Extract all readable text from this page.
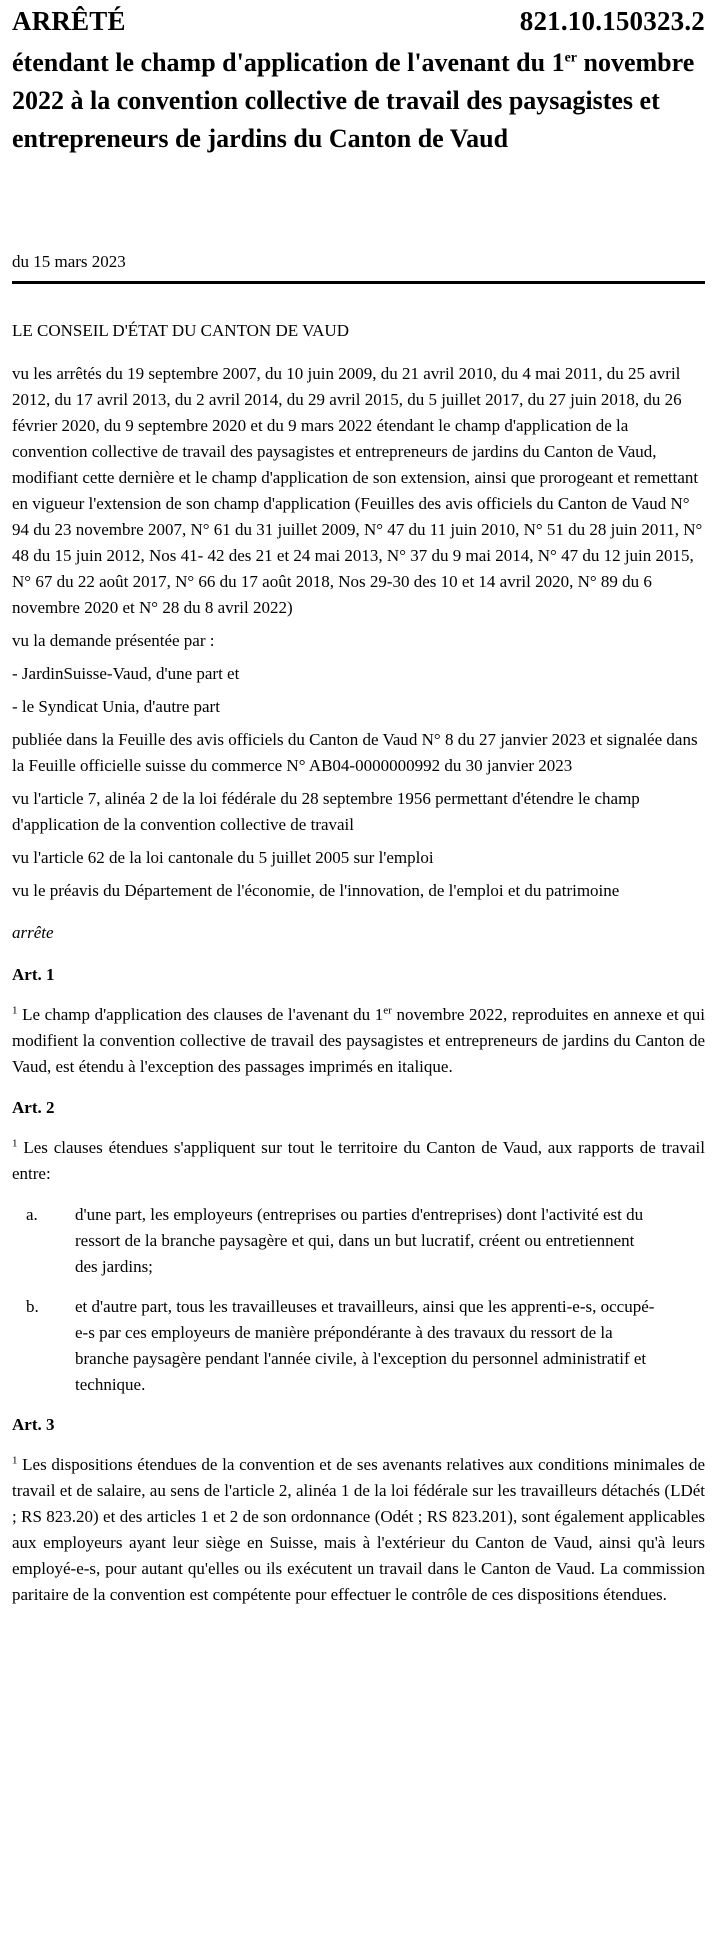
ARRÊTÉ	821.10.150323.2
étendant le champ d'application de l'avenant du 1er novembre 2022 à la convention collective de travail des paysagistes et entrepreneurs de jardins du Canton de Vaud
du 15 mars 2023
LE CONSEIL D'ÉTAT DU CANTON DE VAUD
vu les arrêtés du 19 septembre 2007, du 10 juin 2009, du 21 avril 2010, du 4 mai 2011, du 25 avril 2012, du 17 avril 2013, du 2 avril 2014, du 29 avril 2015, du 5 juillet 2017, du 27 juin 2018, du 26 février 2020, du 9 septembre 2020 et du 9 mars 2022 étendant le champ d'application de la convention collective de travail des paysagistes et entrepreneurs de jardins du Canton de Vaud, modifiant cette dernière et le champ d'application de son extension, ainsi que prorogeant et remettant en vigueur l'extension de son champ d'application (Feuilles des avis officiels du Canton de Vaud N° 94 du 23 novembre 2007, N° 61 du 31 juillet 2009, N° 47 du 11 juin 2010, N° 51 du 28 juin 2011, N° 48 du 15 juin 2012, Nos 41- 42 des 21 et 24 mai 2013, N° 37 du 9 mai 2014, N° 47 du 12 juin 2015, N° 67 du 22 août 2017, N° 66 du 17 août 2018, Nos 29-30 des 10 et 14 avril 2020, N° 89 du 6 novembre 2020 et N° 28 du 8 avril 2022)
vu la demande présentée par :
- JardinSuisse-Vaud, d'une part et
- le Syndicat Unia, d'autre part
publiée dans la Feuille des avis officiels du Canton de Vaud N° 8 du 27 janvier 2023 et signalée dans la Feuille officielle suisse du commerce N° AB04-0000000992 du 30 janvier 2023
vu l'article 7, alinéa 2 de la loi fédérale du 28 septembre 1956 permettant d'étendre le champ d'application de la convention collective de travail
vu l'article 62 de la loi cantonale du 5 juillet 2005 sur l'emploi
vu le préavis du Département de l'économie, de l'innovation, de l'emploi et du patrimoine
arrête
Art. 1
$^1$ Le champ d'application des clauses de l'avenant du 1er novembre 2022, reproduites en annexe et qui modifient la convention collective de travail des paysagistes et entrepreneurs de jardins du Canton de Vaud, est étendu à l'exception des passages imprimés en italique.
Art. 2
$^1$ Les clauses étendues s'appliquent sur tout le territoire du Canton de Vaud, aux rapports de travail entre:
a.	d'une part, les employeurs (entreprises ou parties d'entreprises) dont l'activité est du ressort de la branche paysagère et qui, dans un but lucratif, créent ou entretiennent des jardins;
b.	et d'autre part, tous les travailleuses et travailleurs, ainsi que les apprenti-e-s, occupé-e-s par ces employeurs de manière prépondérante à des travaux du ressort de la branche paysagère pendant l'année civile, à l'exception du personnel administratif et technique.
Art. 3
$^1$ Les dispositions étendues de la convention et de ses avenants relatives aux conditions minimales de travail et de salaire, au sens de l'article 2, alinéa 1 de la loi fédérale sur les travailleurs détachés (LDét ; RS 823.20) et des articles 1 et 2 de son ordonnance (Odét ; RS 823.201), sont également applicables aux employeurs ayant leur siège en Suisse, mais à l'extérieur du Canton de Vaud, ainsi qu'à leurs employé-e-s, pour autant qu'elles ou ils exécutent un travail dans le Canton de Vaud. La commission paritaire de la convention est compétente pour effectuer le contrôle de ces dispositions étendues.
